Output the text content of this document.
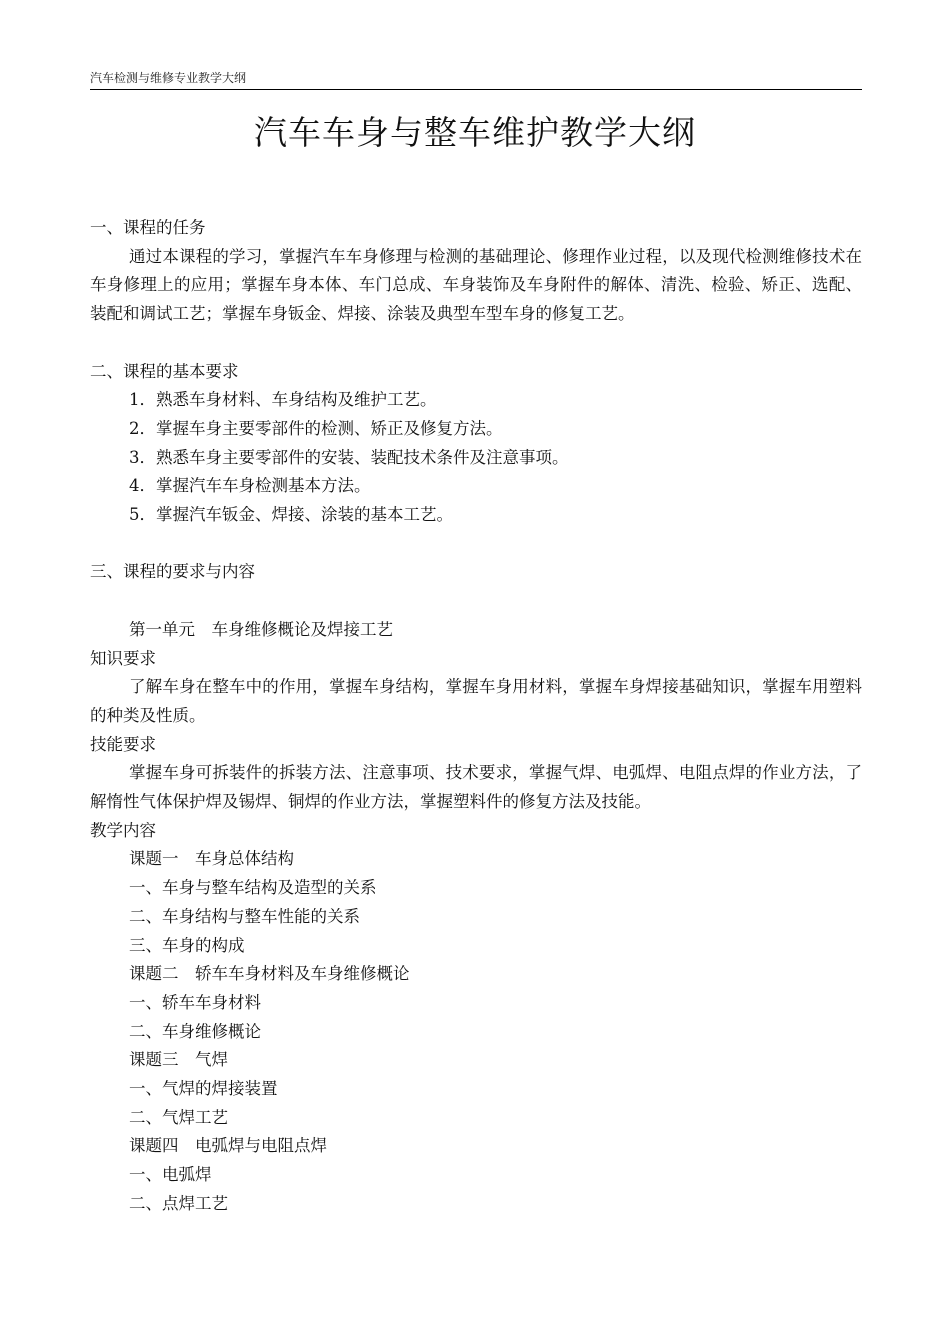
汽车检测与维修专业教学大纲
汽车车身与整车维护教学大纲
一、课程的任务

通过本课程的学习，掌握汽车车身修理与检测的基础理论、修理作业过程，以及现代检测维修技术在车身修理上的应用；掌握车身本体、车门总成、车身装饰及车身附件的解体、清洗、检验、矫正、选配、装配和调试工艺；掌握车身钣金、焊接、涂装及典型车型车身的修复工艺。

二、课程的基本要求
1．熟悉车身材料、车身结构及维护工艺。
2．掌握车身主要零部件的检测、矫正及修复方法。
3．熟悉车身主要零部件的安装、装配技术条件及注意事项。
4．掌握汽车车身检测基本方法。
5．掌握汽车钣金、焊接、涂装的基本工艺。
三、课程的要求与内容
第一单元　车身维修概论及焊接工艺
知识要求

了解车身在整车中的作用，掌握车身结构，掌握车身用材料，掌握车身焊接基础知识，掌握车用塑料的种类及性质。

技能要求

掌握车身可拆装件的拆装方法、注意事项、技术要求，掌握气焊、电弧焊、电阻点焊的作业方法，了解惰性气体保护焊及锡焊、铜焊的作业方法，掌握塑料件的修复方法及技能。

教学内容
课题一　车身总体结构
一、车身与整车结构及造型的关系
二、车身结构与整车性能的关系
三、车身的构成
课题二　轿车车身材料及车身维修概论
一、轿车车身材料
二、车身维修概论
课题三　气焊
一、气焊的焊接装置
二、气焊工艺
课题四　电弧焊与电阻点焊
一、电弧焊
二、点焊工艺
